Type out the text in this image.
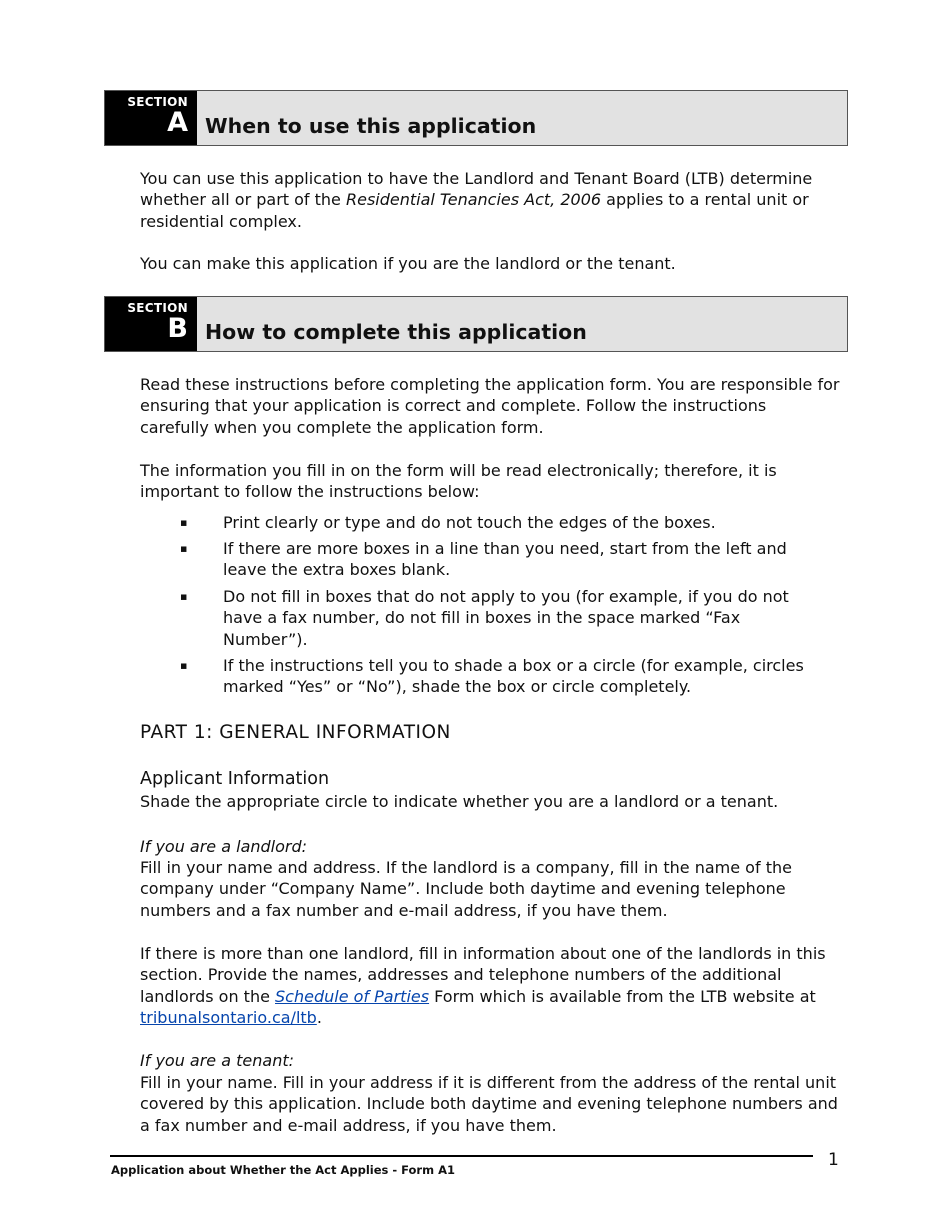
SECTION
A When to use this application

You can use this application to have the Landlord and Tenant Board (LTB) determine whether all or part of the Residential Tenancies Act, 2006 applies to a rental unit or residential complex.

You can make this application if you are the landlord or the tenant.

SECTION
B How to complete this application

Read these instructions before completing the application form. You are responsible for ensuring that your application is correct and complete. Follow the instructions carefully when you complete the application form.

The information you fill in on the form will be read electronically; therefore, it is important to follow the instructions below:

▪ Print clearly or type and do not touch the edges of the boxes.
▪ If there are more boxes in a line than you need, start from the left and leave the extra boxes blank.
▪ Do not fill in boxes that do not apply to you (for example, if you do not have a fax number, do not fill in boxes in the space marked “Fax Number”).
▪ If the instructions tell you to shade a box or a circle (for example, circles marked “Yes” or “No”), shade the box or circle completely.
PART 1: GENERAL INFORMATION
Applicant Information

Shade the appropriate circle to indicate whether you are a landlord or a tenant.

If you are a landlord:

Fill in your name and address. If the landlord is a company, fill in the name of the company under “Company Name”. Include both daytime and evening telephone numbers and a fax number and e-mail address, if you have them.

If there is more than one landlord, fill in information about one of the landlords in this section. Provide the names, addresses and telephone numbers of the additional landlords on the Schedule of Parties Form which is available from the LTB website at tribunalsontario.ca/ltb.

If you are a tenant:

Fill in your name. Fill in your address if it is different from the address of the rental unit covered by this application. Include both daytime and evening telephone numbers and a fax number and e-mail address, if you have them.

Application about Whether the Act Applies - Form A1	1
